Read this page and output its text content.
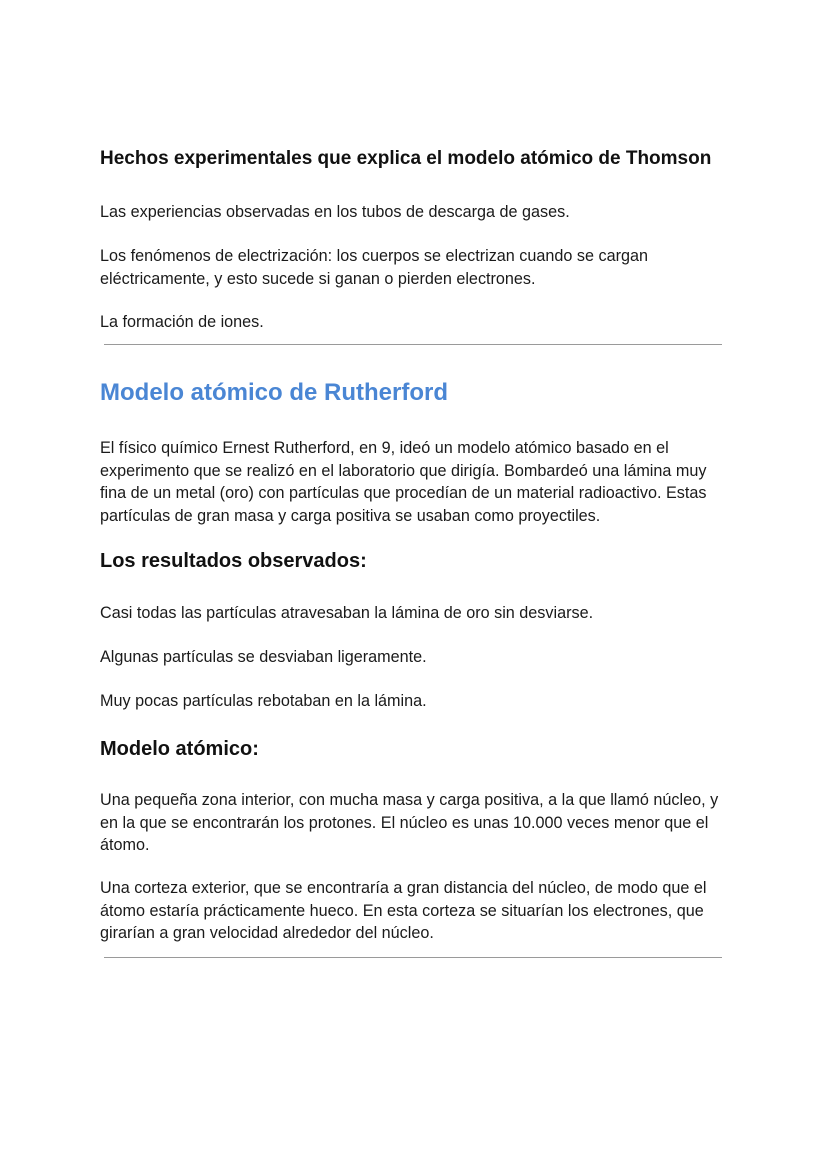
Hechos experimentales que explica el modelo atómico de Thomson

Las experiencias observadas en los tubos de descarga de gases.

Los fenómenos de electrización: los cuerpos se electrizan cuando se cargan eléctricamente, y esto sucede si ganan o pierden electrones.

La formación de iones.

Modelo atómico de Rutherford

El físico químico Ernest Rutherford, en 9, ideó un modelo atómico basado en el experimento que se realizó en el laboratorio que dirigía. Bombardeó una lámina muy fina de un metal (oro) con partículas que procedían de un material radioactivo. Estas partículas de gran masa y carga positiva se usaban como proyectiles.

Los resultados observados:

Casi todas las partículas atravesaban la lámina de oro sin desviarse.

Algunas partículas se desviaban ligeramente.

Muy pocas partículas rebotaban en la lámina.

Modelo atómico:

Una pequeña zona interior, con mucha masa y carga positiva, a la que llamó núcleo, y en la que se encontrarán los protones. El núcleo es unas 10.000 veces menor que el átomo.

Una corteza exterior, que se encontraría a gran distancia del núcleo, de modo que el átomo estaría prácticamente hueco. En esta corteza se situarían los electrones, que girarían a gran velocidad alrededor del núcleo.
